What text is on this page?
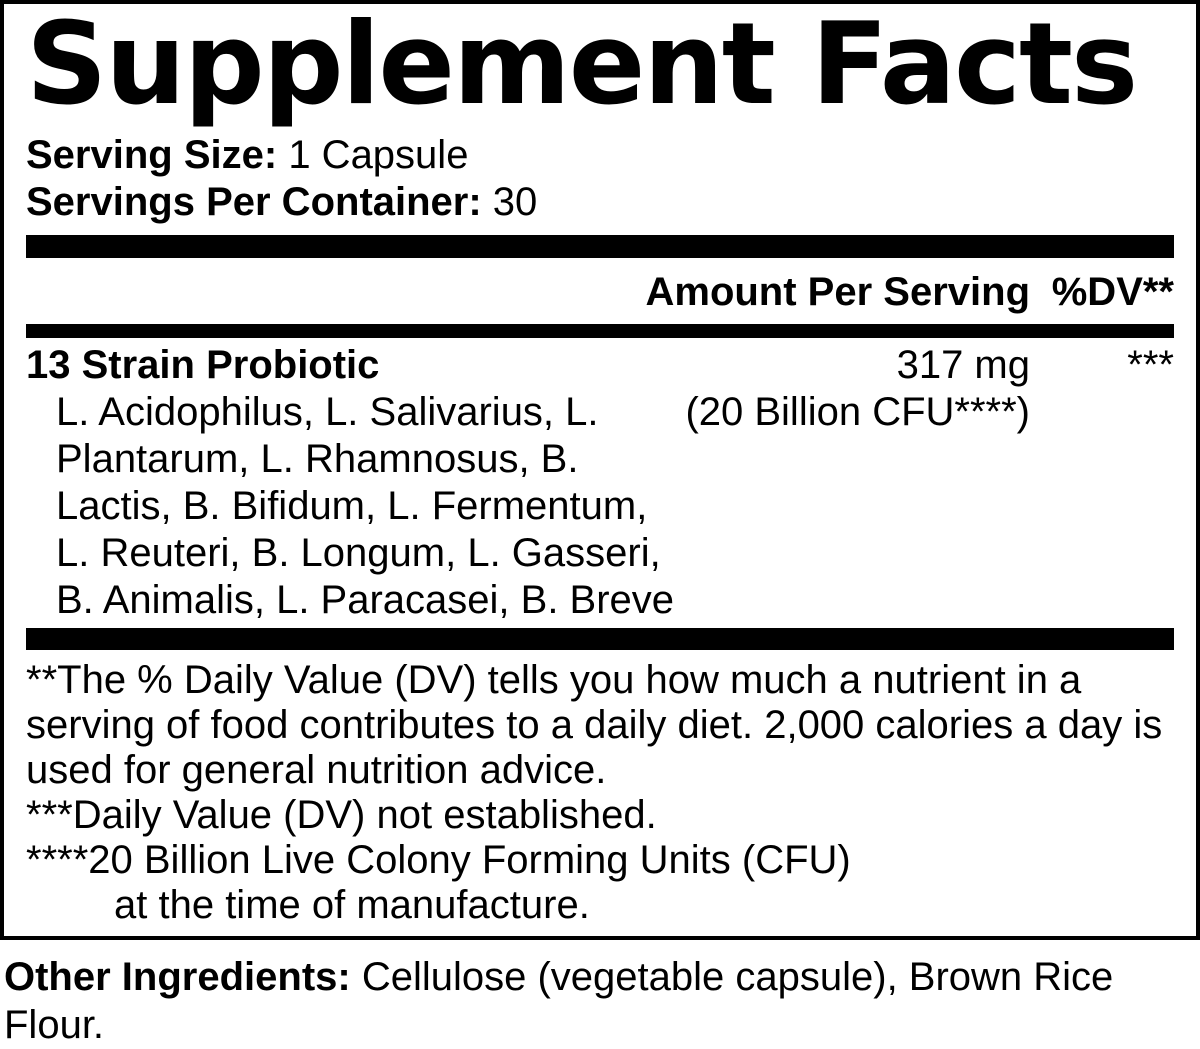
Supplement Facts
Serving Size: 1 Capsule
Servings Per Container: 30
Amount Per Serving %DV**
13 Strain Probiotic
L. Acidophilus, L. Salivarius, L.
Plantarum, L. Rhamnosus, B.
Lactis, B. Bifidum, L. Fermentum,
L. Reuteri, B. Longum, L. Gasseri,
B. Animalis, L. Paracasei, B. Breve
317 mg
(20 Billion CFU****)
***
**The % Daily Value (DV) tells you how much a nutrient in a
serving of food contributes to a daily diet. 2,000 calories a day is
used for general nutrition advice.
***Daily Value (DV) not established.
****20 Billion Live Colony Forming Units (CFU)
at the time of manufacture.
Other Ingredients: Cellulose (vegetable capsule), Brown Rice
Flour.
